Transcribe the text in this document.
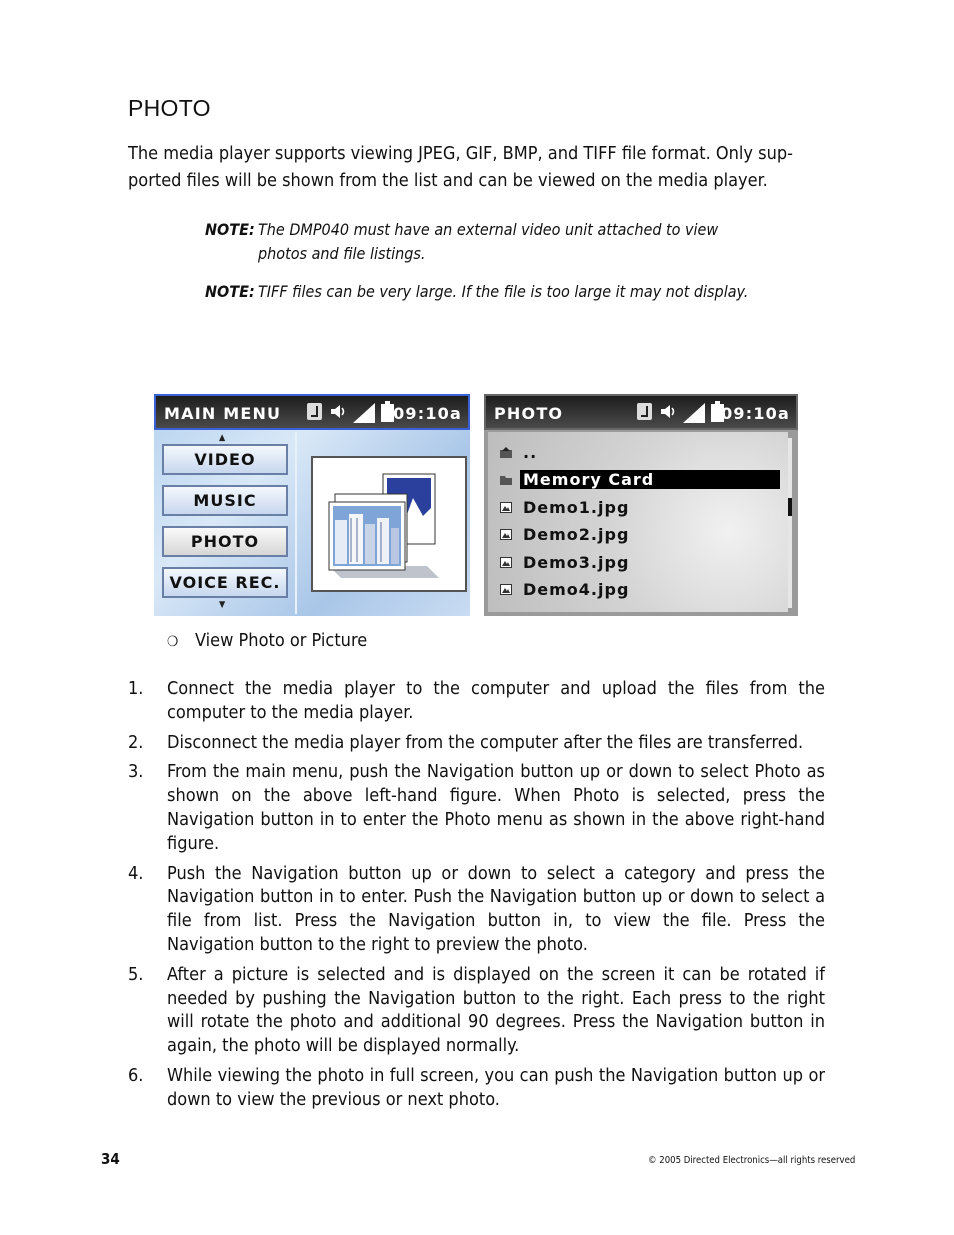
PHOTO

The media player supports viewing JPEG, GIF, BMP, and TIFF file format. Only sup-ported files will be shown from the list and can be viewed on the media player.

NOTE: The DMP040 must have an external video unit attached to view photos and file listings.
NOTE: TIFF files can be very large. If the file is too large it may not display.
MAIN MENU	09:10a
▲
VIDEO
MUSIC
PHOTO
VOICE REC.
▼
PHOTO	09:10a
..
Memory Card
Demo1.jpg
Demo2.jpg
Demo3.jpg
Demo4.jpg
❍ View Photo or Picture
1. Connect the media player to the computer and upload the files from the computer to the media player.
2. Disconnect the media player from the computer after the files are transferred.
3. From the main menu, push the Navigation button up or down to select Photo as shown on the above left-hand figure. When Photo is selected, press the Navigation button in to enter the Photo menu as shown in the above right-hand figure.
4. Push the Navigation button up or down to select a category and press the Navigation button in to enter. Push the Navigation button up or down to select a file from list. Press the Navigation button in, to view the file. Press the Navigation button to the right to preview the photo.
5. After a picture is selected and is displayed on the screen it can be rotated if needed by pushing the Navigation button to the right. Each press to the right will rotate the photo and additional 90 degrees. Press the Navigation button in again, the photo will be displayed normally.
6. While viewing the photo in full screen, you can push the Navigation button up or down to view the previous or next photo.
34	© 2005 Directed Electronics—all rights reserved
